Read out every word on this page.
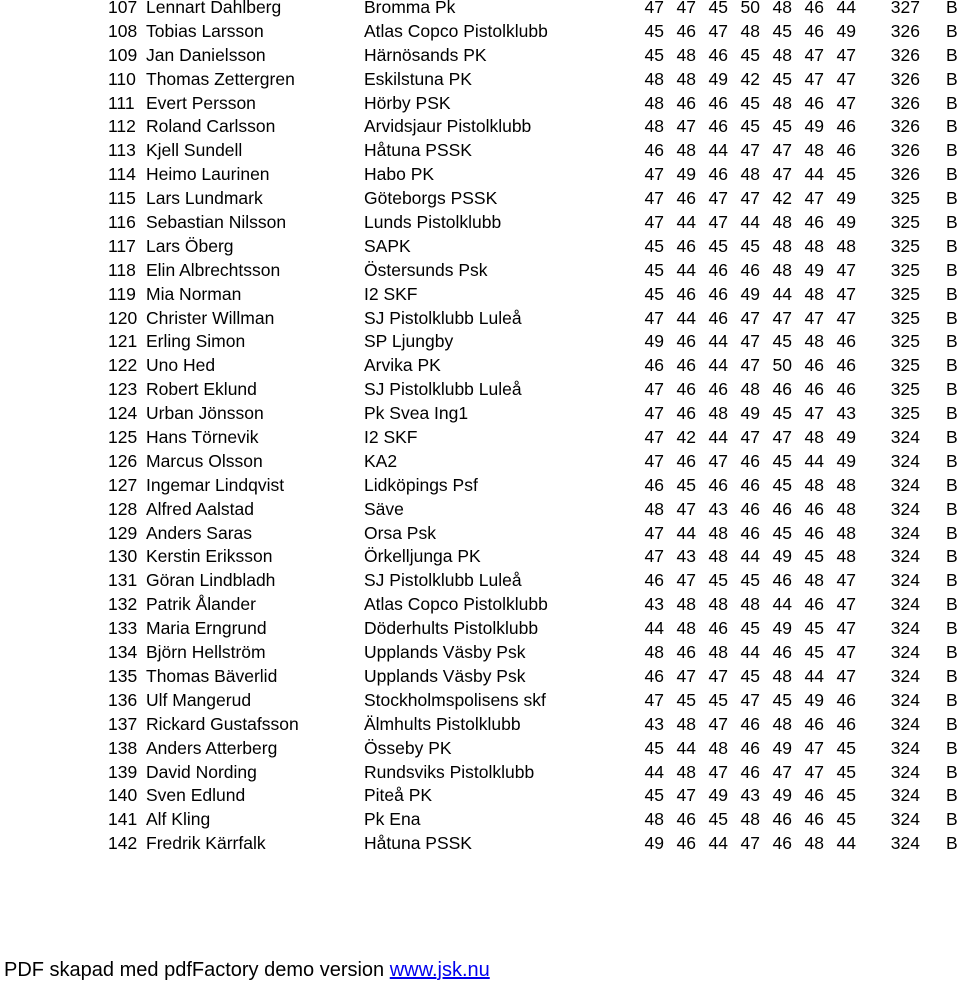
107 Lennart Dahlberg	Bromma Pk	47 47 45 50 48 46 44	327 B
108 Tobias Larsson	Atlas Copco Pistolklubb	45 46 47 48 45 46 49	326 B
109 Jan Danielsson	Härnösands PK	45 48 46 45 48 47 47	326 B
110 Thomas Zettergren	Eskilstuna PK	48 48 49 42 45 47 47	326 B
111 Evert Persson	Hörby PSK	48 46 46 45 48 46 47	326 B
112 Roland Carlsson	Arvidsjaur Pistolklubb	48 47 46 45 45 49 46	326 B
113 Kjell Sundell	Håtuna PSSK	46 48 44 47 47 48 46	326 B
114 Heimo Laurinen	Habo PK	47 49 46 48 47 44 45	326 B
115 Lars Lundmark	Göteborgs PSSK	47 46 47 47 42 47 49	325 B
116 Sebastian Nilsson	Lunds Pistolklubb	47 44 47 44 48 46 49	325 B
117 Lars Öberg	SAPK	45 46 45 45 48 48 48	325 B
118 Elin Albrechtsson	Östersunds Psk	45 44 46 46 48 49 47	325 B
119 Mia Norman	I2 SKF	45 46 46 49 44 48 47	325 B
120 Christer Willman	SJ Pistolklubb Luleå	47 44 46 47 47 47 47	325 B
121 Erling Simon	SP Ljungby	49 46 44 47 45 48 46	325 B
122 Uno Hed	Arvika PK	46 46 44 47 50 46 46	325 B
123 Robert Eklund	SJ Pistolklubb Luleå	47 46 46 48 46 46 46	325 B
124 Urban Jönsson	Pk Svea Ing1	47 46 48 49 45 47 43	325 B
125 Hans Törnevik	I2 SKF	47 42 44 47 47 48 49	324 B
126 Marcus Olsson	KA2	47 46 47 46 45 44 49	324 B
127 Ingemar Lindqvist	Lidköpings Psf	46 45 46 46 45 48 48	324 B
128 Alfred Aalstad	Säve	48 47 43 46 46 46 48	324 B
129 Anders Saras	Orsa Psk	47 44 48 46 45 46 48	324 B
130 Kerstin Eriksson	Örkelljunga PK	47 43 48 44 49 45 48	324 B
131 Göran Lindbladh	SJ Pistolklubb Luleå	46 47 45 45 46 48 47	324 B
132 Patrik Ålander	Atlas Copco Pistolklubb	43 48 48 48 44 46 47	324 B
133 Maria Erngrund	Döderhults Pistolklubb	44 48 46 45 49 45 47	324 B
134 Björn Hellström	Upplands Väsby Psk	48 46 48 44 46 45 47	324 B
135 Thomas Bäverlid	Upplands Väsby Psk	46 47 47 45 48 44 47	324 B
136 Ulf Mangerud	Stockholmspolisens skf	47 45 45 47 45 49 46	324 B
137 Rickard Gustafsson	Älmhults Pistolklubb	43 48 47 46 48 46 46	324 B
138 Anders Atterberg	Össeby PK	45 44 48 46 49 47 45	324 B
139 David Nording	Rundsviks Pistolklubb	44 48 47 46 47 47 45	324 B
140 Sven Edlund	Piteå PK	45 47 49 43 49 46 45	324 B
141 Alf Kling	Pk Ena	48 46 45 48 46 46 45	324 B
142 Fredrik Kärrfalk	Håtuna PSSK	49 46 44 47 46 48 44	324 B
PDF skapad med pdfFactory demo version www.jsk.nu
